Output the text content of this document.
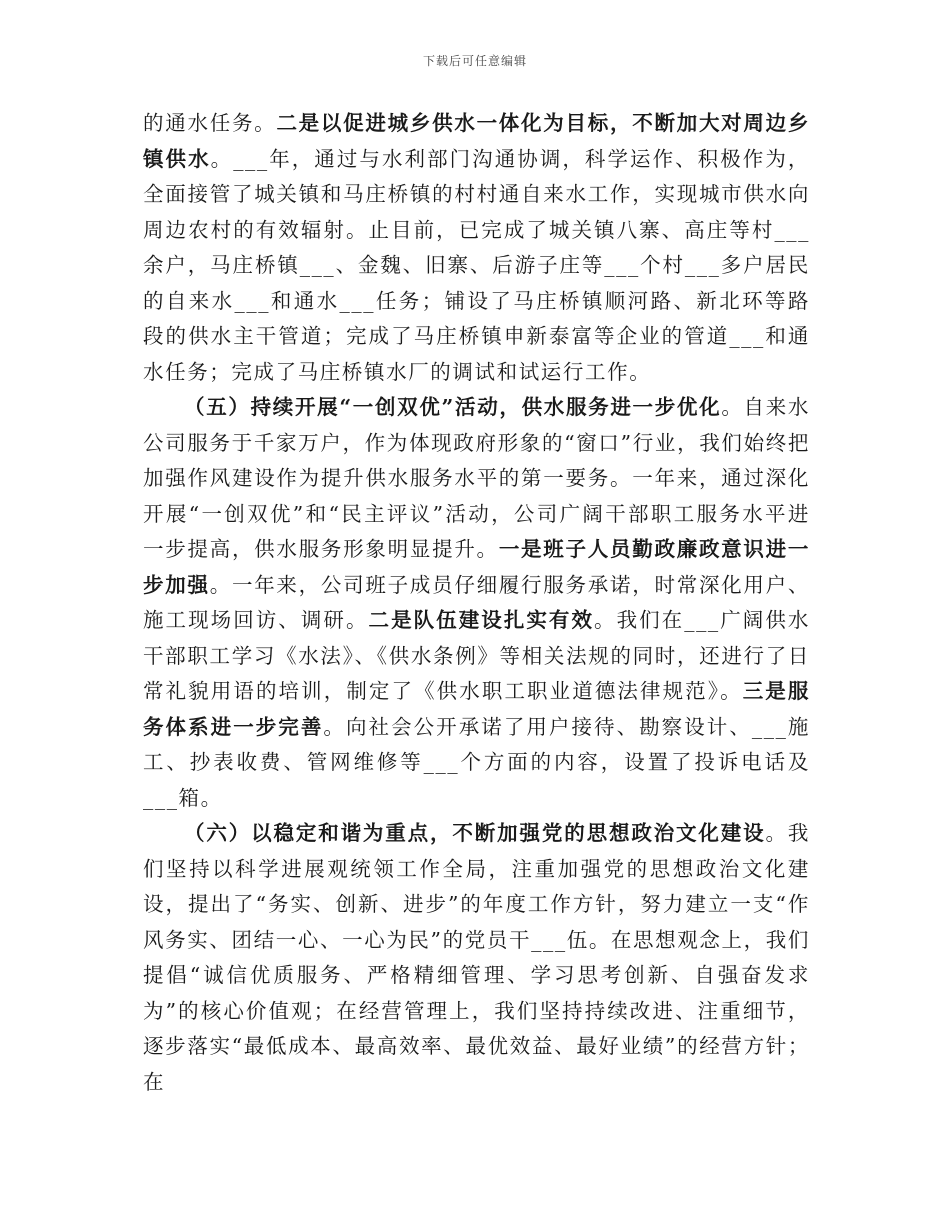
下载后可任意编辑

的通水任务。二是以促进城乡供水一体化为目标，不断加大对周边乡镇供水。___年，通过与水利部门沟通协调，科学运作、积极作为，全面接管了城关镇和马庄桥镇的村村通自来水工作，实现城市供水向周边农村的有效辐射。止目前，已完成了城关镇八寨、高庄等村___余户，马庄桥镇___、金魏、旧寨、后游子庄等___个村___多户居民的自来水___和通水___任务；铺设了马庄桥镇顺河路、新北环等路段的供水主干管道；完成了马庄桥镇申新泰富等企业的管道___和通水任务；完成了马庄桥镇水厂的调试和试运行工作。

（五）持续开展“一创双优”活动，供水服务进一步优化。自来水公司服务于千家万户，作为体现政府形象的“窗口”行业，我们始终把加强作风建设作为提升供水服务水平的第一要务。一年来，通过深化开展“一创双优”和“民主评议”活动，公司广阔干部职工服务水平进一步提高，供水服务形象明显提升。一是班子人员勤政廉政意识进一步加强。一年来，公司班子成员仔细履行服务承诺，时常深化用户、施工现场回访、调研。二是队伍建设扎实有效。我们在___广阔供水干部职工学习《水法》、《供水条例》等相关法规的同时，还进行了日常礼貌用语的培训，制定了《供水职工职业道德法律规范》。三是服务体系进一步完善。向社会公开承诺了用户接待、勘察设计、___施工、抄表收费、管网维修等___个方面的内容，设置了投诉电话及___箱。

（六）以稳定和谐为重点，不断加强党的思想政治文化建设。我们坚持以科学进展观统领工作全局，注重加强党的思想政治文化建设，提出了“务实、创新、进步”的年度工作方针，努力建立一支“作风务实、团结一心、一心为民”的党员干___伍。在思想观念上，我们提倡“诚信优质服务、严格精细管理、学习思考创新、自强奋发求为”的核心价值观；在经营管理上，我们坚持持续改进、注重细节，逐步落实“最低成本、最高效率、最优效益、最好业绩”的经营方针；在
